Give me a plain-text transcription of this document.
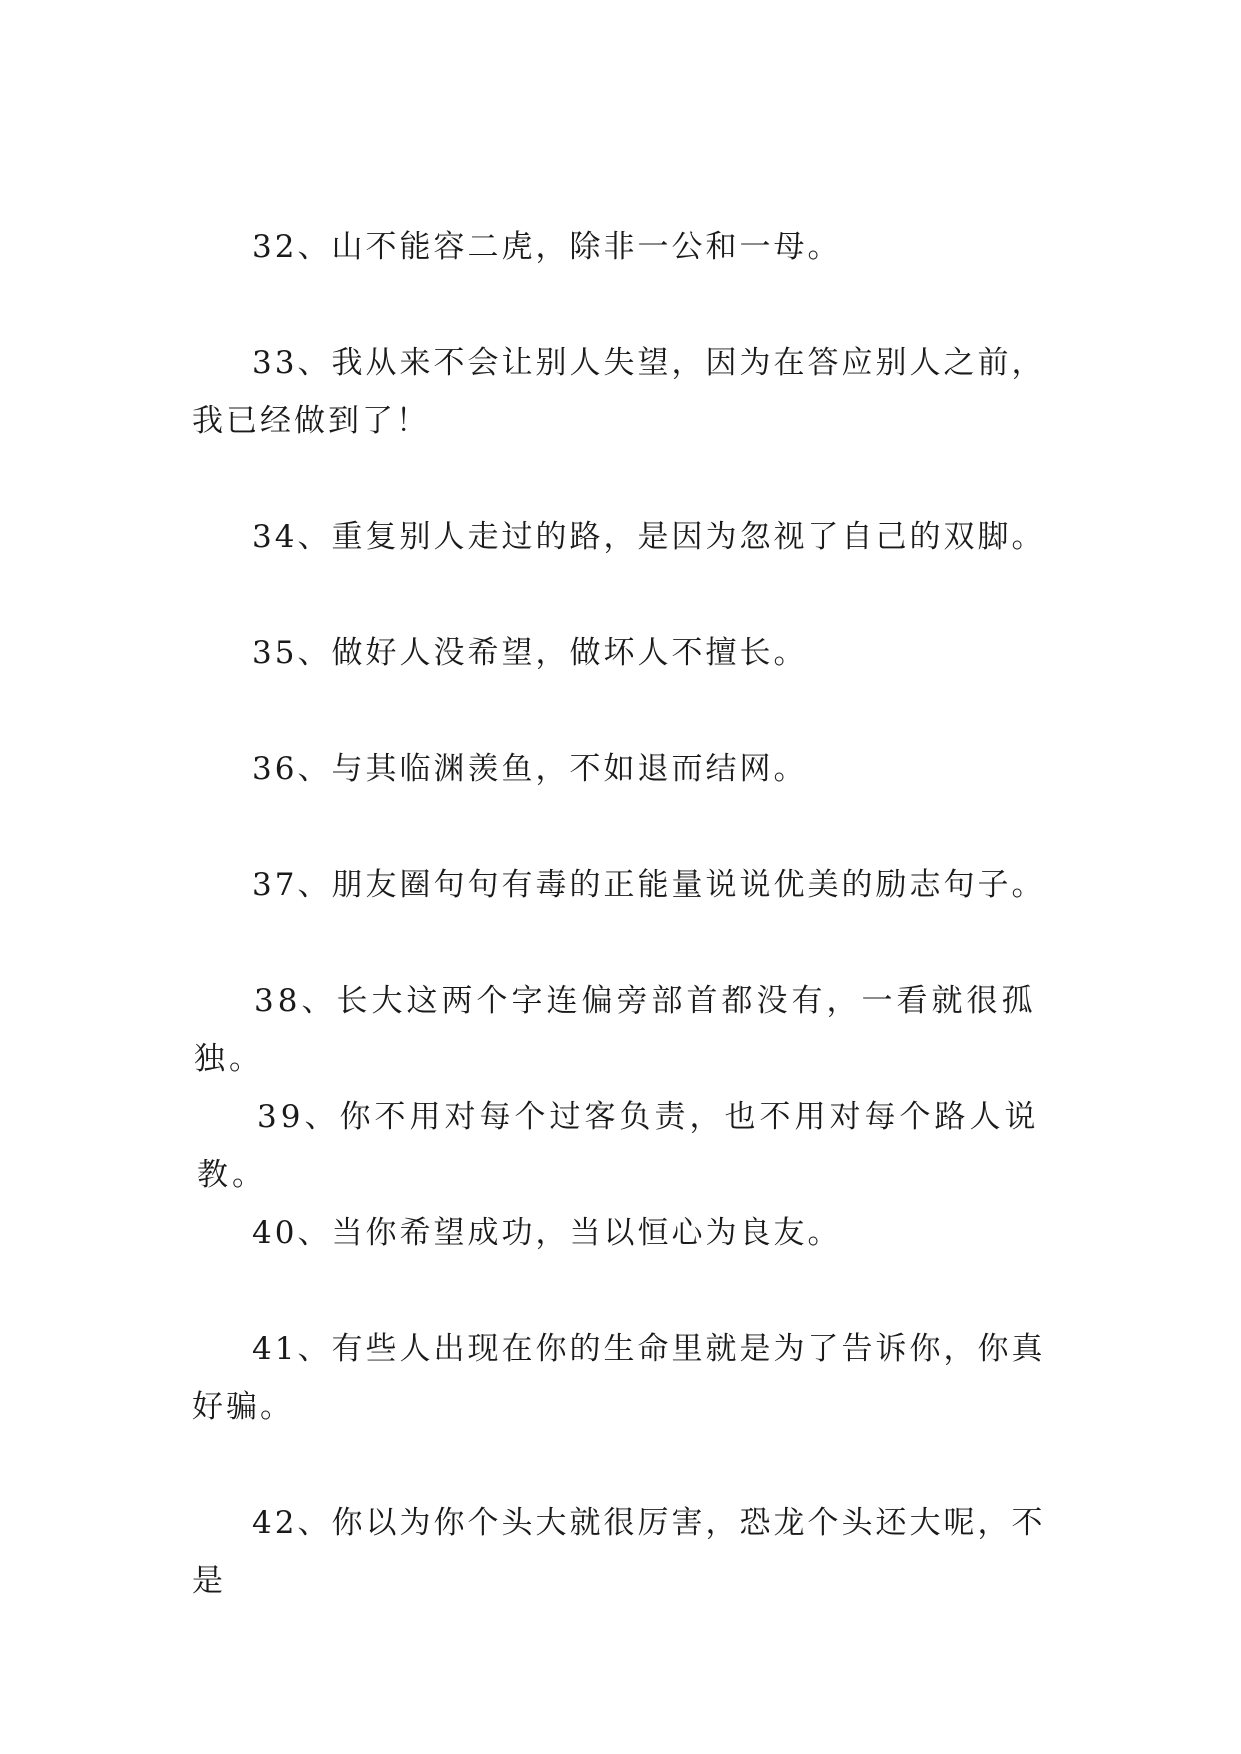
32、山不能容二虎，除非一公和一母。

33、我从来不会让别人失望，因为在答应别人之前，我已经做到了！

34、重复别人走过的路，是因为忽视了自己的双脚。

35、做好人没希望，做坏人不擅长。

36、与其临渊羡鱼，不如退而结网。

37、朋友圈句句有毒的正能量说说优美的励志句子。

38、长大这两个字连偏旁部首都没有，一看就很孤独。

39、你不用对每个过客负责，也不用对每个路人说教。

40、当你希望成功，当以恒心为良友。

41、有些人出现在你的生命里就是为了告诉你，你真好骗。

42、你以为你个头大就很厉害，恐龙个头还大呢，不是
